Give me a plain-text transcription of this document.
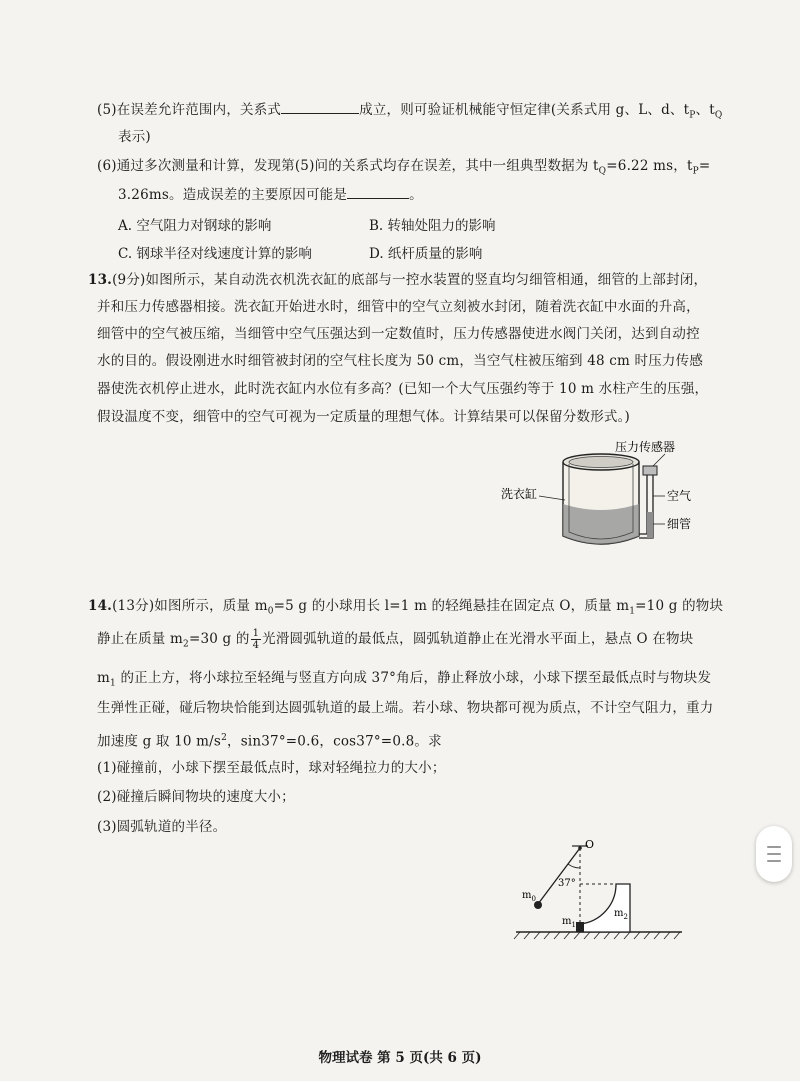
(5)在误差允许范围内，关系式	成立，则可验证机械能守恒定律(关系式用 g、L、d、$t_P$、$t_Q$
表示)
(6)通过多次测量和计算，发现第(5)问的关系式均存在误差，其中一组典型数据为 $t_Q=6.22$ ms，$t_P=$
3.26ms。造成误差的主要原因可能是	。
A. 空气阻力对钢球的影响	B. 转轴处阻力的影响
C. 钢球半径对线速度计算的影响	D. 纸杆质量的影响
13.(9分)如图所示，某自动洗衣机洗衣缸的底部与一控水装置的竖直均匀细管相通，细管的上部封闭，
并和压力传感器相接。洗衣缸开始进水时，细管中的空气立刻被水封闭，随着洗衣缸中水面的升高，
细管中的空气被压缩，当细管中空气压强达到一定数值时，压力传感器使进水阀门关闭，达到自动控
水的目的。假设刚进水时细管被封闭的空气柱长度为 50 cm，当空气柱被压缩到 48 cm 时压力传感
器使洗衣机停止进水，此时洗衣缸内水位有多高？(已知一个大气压强约等于 10 m 水柱产生的压强，
假设温度不变，细管中的空气可视为一定质量的理想气体。计算结果可以保留分数形式。)
压力传感器
洗衣缸	空气
细管
14.(13分)如图所示，质量 $m_0=5$ g 的小球用长 l=1 m 的轻绳悬挂在固定点 O，质量 $m_1=10$ g 的物块
静止在质量 $m_2=30$ g 的 $\frac{1}{4}$ 光滑圆弧轨道的最低点，圆弧轨道静止在光滑水平面上，悬点 O 在物块
$m_1$ 的正上方，将小球拉至轻绳与竖直方向成 37°角后，静止释放小球，小球下摆至最低点时与物块发
生弹性正碰，碰后物块恰能到达圆弧轨道的最上端。若小球、物块都可视为质点，不计空气阻力，重力
加速度 g 取 10 $m/s^2$，sin37°=0.6，cos37°=0.8。求
(1)碰撞前，小球下摆至最低点时，球对轻绳拉力的大小；
(2)碰撞后瞬间物块的速度大小；
(3)圆弧轨道的半径。
O
37°
$m_0$
$m_1$
$m_2$
物理试卷 第 5 页(共 6 页)
